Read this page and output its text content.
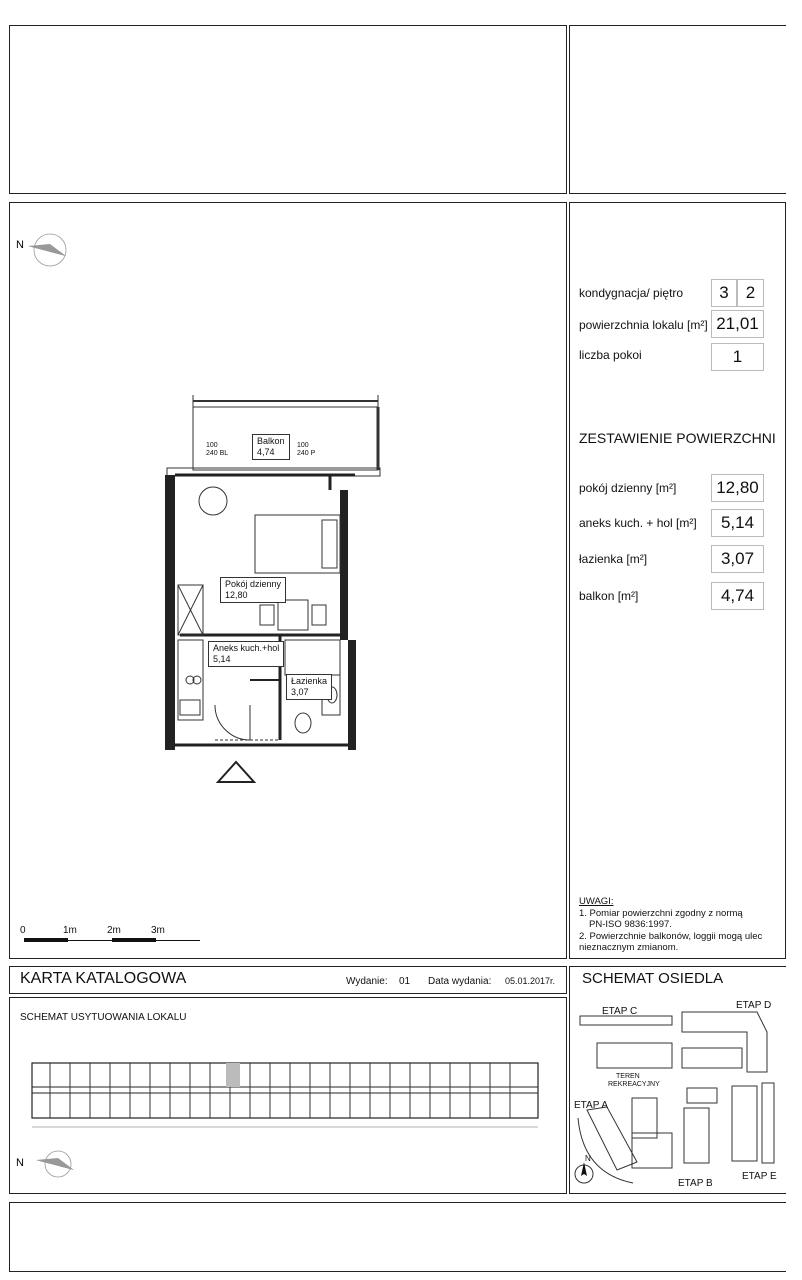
N
Balkon
4,74
Pokój dzienny
12,80
Aneks kuch.+hol
5,14
Łazienka
3,07
100
240 BL
100
240 P
0	1m	2m	3m
kondygnacja/ piętro	3	2
powierzchnia lokalu [m²] 21,01
liczba pokoi	1
ZESTAWIENIE POWIERZCHNI
pokój dzienny [m²]	12,80
aneks kuch. + hol [m²]	5,14
łazienka [m²]	3,07
balkon [m²]	4,74
UWAGI:
1. Pomiar powierzchni zgodny z normą
PN-ISO 9836:1997.
2. Powierzchnie balkonów, loggii mogą ulec
nieznacznym zmianom.
KARTA KATALOGOWA	Wydanie: 01 Data wydania: 05.01.2017r.
SCHEMAT USYTUOWANIA LOKALU
N
SCHEMAT OSIEDLA
ETAP C
ETAP D
ETAP A
ETAP B
ETAP E
TEREN
REKREACYJNY
N
